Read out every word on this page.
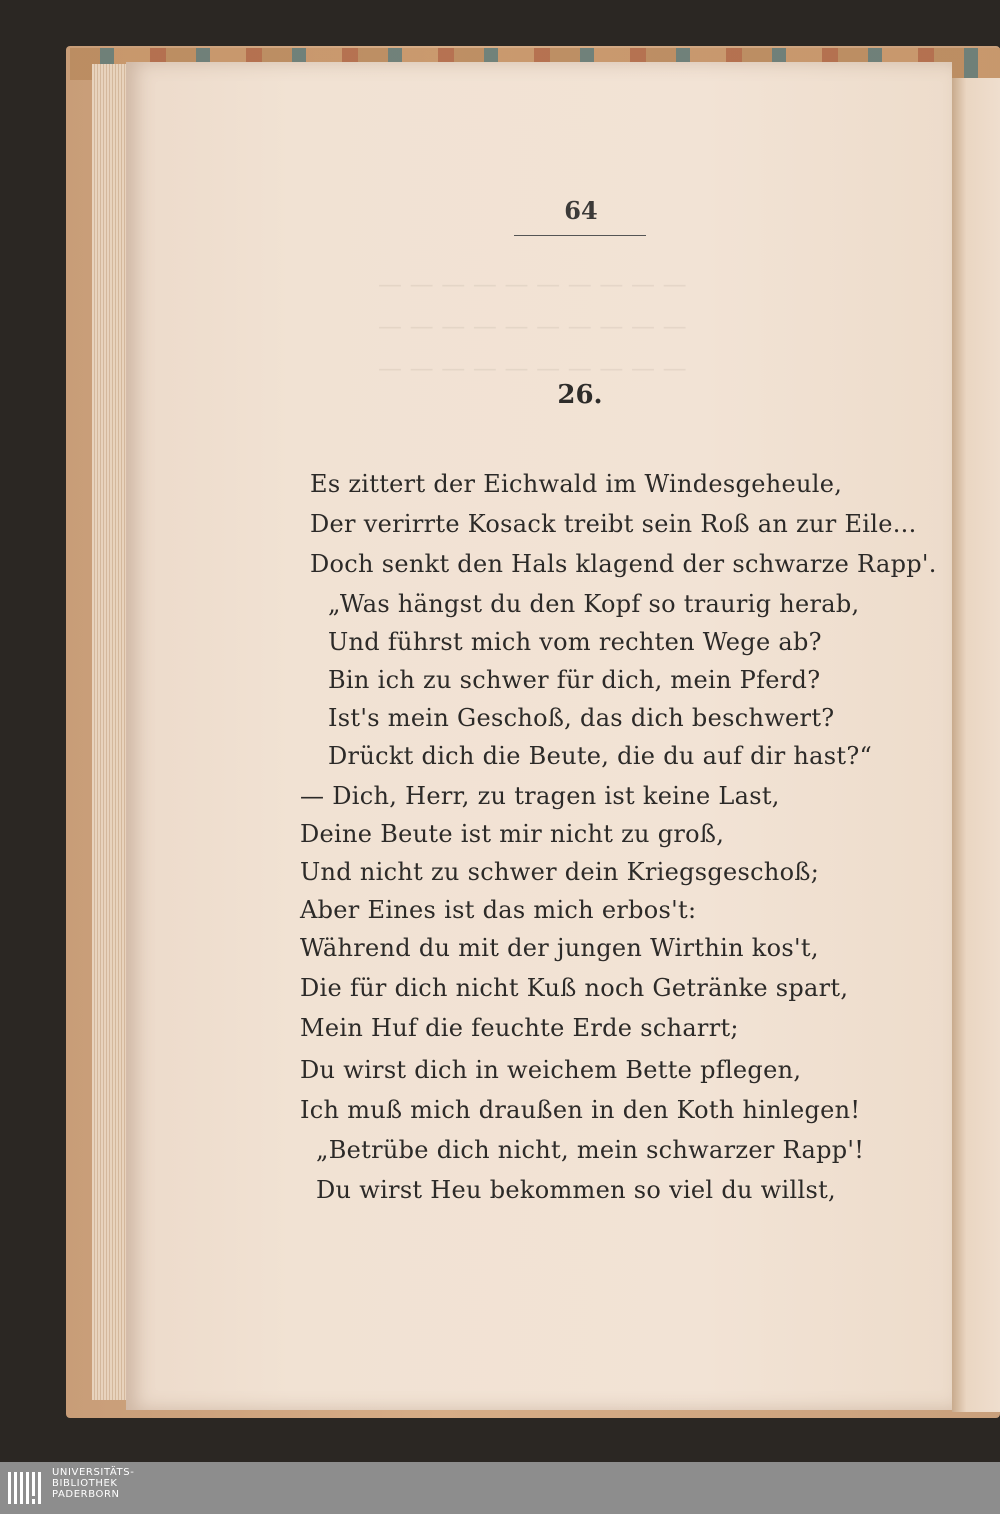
— — — — — — — — — —
— — — — — — — — — —
— — — — — — — — — —
64
26.
Es zittert der Eichwald im Windesgeheule,
Der verirrte Kosack treibt sein Roß an zur Eile...
Doch senkt den Hals klagend der schwarze Rapp'.
„Was hängst du den Kopf so traurig herab,
Und führst mich vom rechten Wege ab?
Bin ich zu schwer für dich, mein Pferd?
Ist's mein Geschoß, das dich beschwert?
Drückt dich die Beute, die du auf dir hast?“
— Dich, Herr, zu tragen ist keine Last,
Deine Beute ist mir nicht zu groß,
Und nicht zu schwer dein Kriegsgeschoß;
Aber Eines ist das mich erbos't:
Während du mit der jungen Wirthin kos't,
Die für dich nicht Kuß noch Getränke spart,
Mein Huf die feuchte Erde scharrt;
Du wirst dich in weichem Bette pflegen,
Ich muß mich draußen in den Koth hinlegen!
„Betrübe dich nicht, mein schwarzer Rapp'!
Du wirst Heu bekommen so viel du willst,
UNIVERSITÄTS-
BIBLIOTHEK
PADERBORN
